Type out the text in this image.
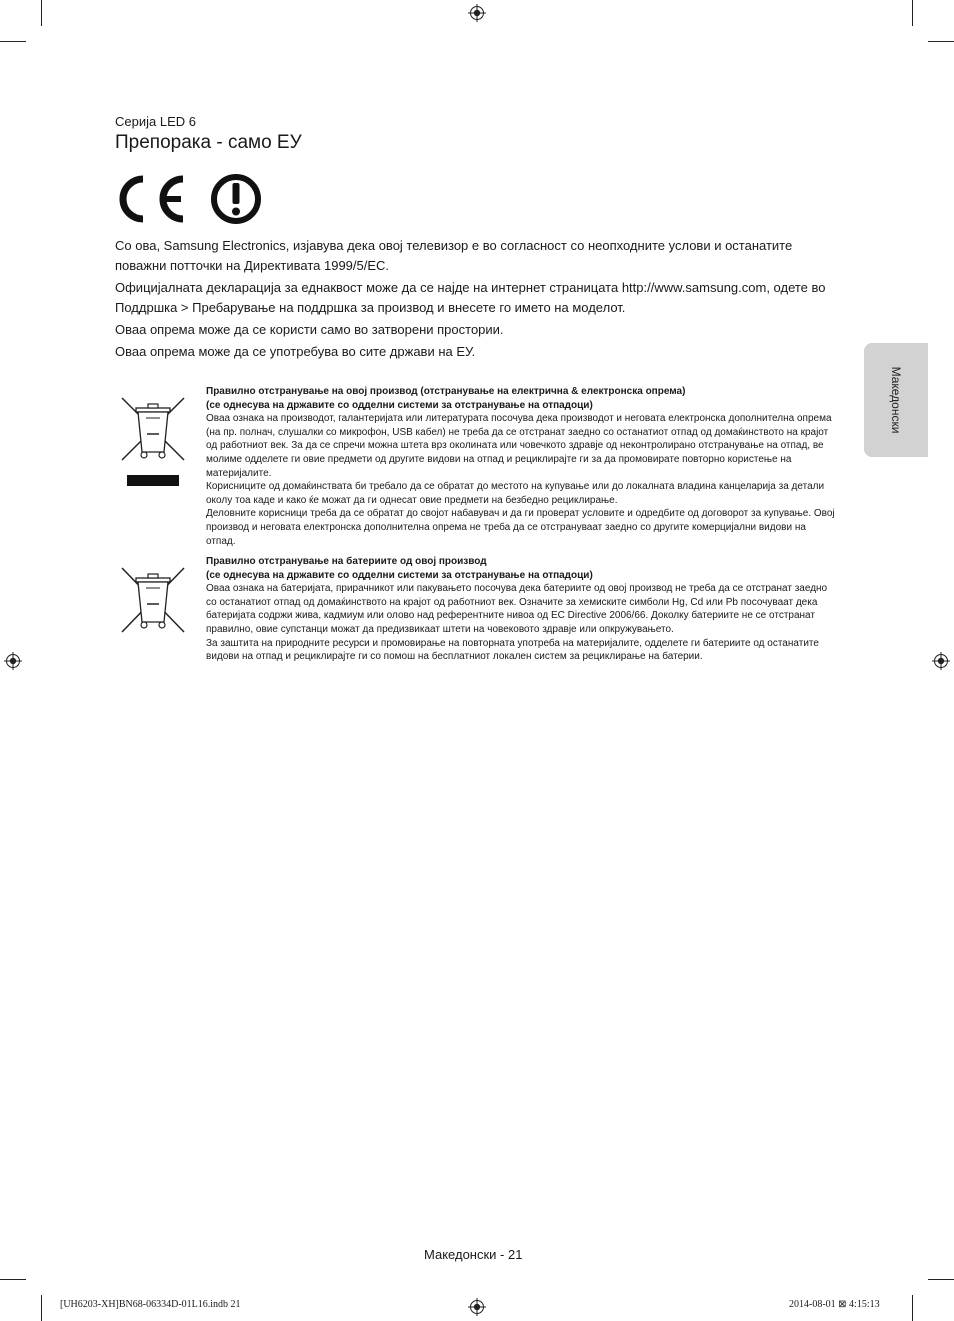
Серија LED 6
Препорака - само ЕУ

Со ова, Samsung Electronics, изјавува дека овој телевизор е во согласност со неопходните услови и останатите поважни потточки на Директивата 1999/5/EC.

Официјалната декларација за еднаквост може да се најде на интернет страницата http://www.samsung.com, одете во Поддршка > Пребарување на поддршка за производ и внесете го името на моделот.

Оваа опрема може да се користи само во затворени простории.

Оваа опрема може да се употребува во сите држави на ЕУ.

Македонски

Правилно отстранување на овој производ (отстранување на електрична & електронска опрема)

(се однесува на државите со одделни системи за отстранување на отпадоци)

Оваа ознака на производот, галантеријата или литературата посочува дека производот и неговата електронска дополнителна опрема (на пр. полнач, слушалки со микрофон, USB кабел) не треба да се отстранат заедно со останатиот отпад од домаќинството на крајот од работниот век. За да се спречи можна штета врз околината или човечкото здравје од неконтролирано отстранување на отпад, ве молиме одделете ги овие предмети од другите видови на отпад и рециклирајте ги за да промовирате повторно користење на материјалите.

Корисниците од домаќинствата би требало да се обратат до местото на купување или до локалната владина канцеларија за детали околу тоа каде и како ќе можат да ги однесат овие предмети на безбедно рециклирање.

Деловните корисници треба да се обратат до својот набавувач и да ги проверат условите и одредбите од договорот за купување. Овој производ и неговата електронска дополнителна опрема не треба да се отстрануваат заедно со другите комерцијални видови на отпад.

Правилно отстранување на батериите од овој производ

(се однесува на државите со одделни системи за отстранување на отпадоци)

Оваа ознака на батеријата, прирачникот или пакувањето посочува дека батериите од овој производ не треба да се отстранат заедно со останатиот отпад од домаќинството на крајот од работниот век. Означите за хемиските симболи Hg, Cd или Pb посочуваат дека батеријата содржи жива, кадмиум или олово над референтните нивоа од EC Directive 2006/66. Доколку батериите не се отстранат правилно, овие супстанци можат да предизвикаат штети на човековото здравје или опкружувањето.

За заштита на природните ресурси и промовирање на повторната употреба на материјалите, одделете ги батериите од останатите видови на отпад и рециклирајте ги со помош на бесплатниот локален систем за рециклирање на батерии.

Македонски - 21
[UH6203-XH]BN68-06334D-01L16.indb 21	2014-08-01 ⊠ 4:15:13
